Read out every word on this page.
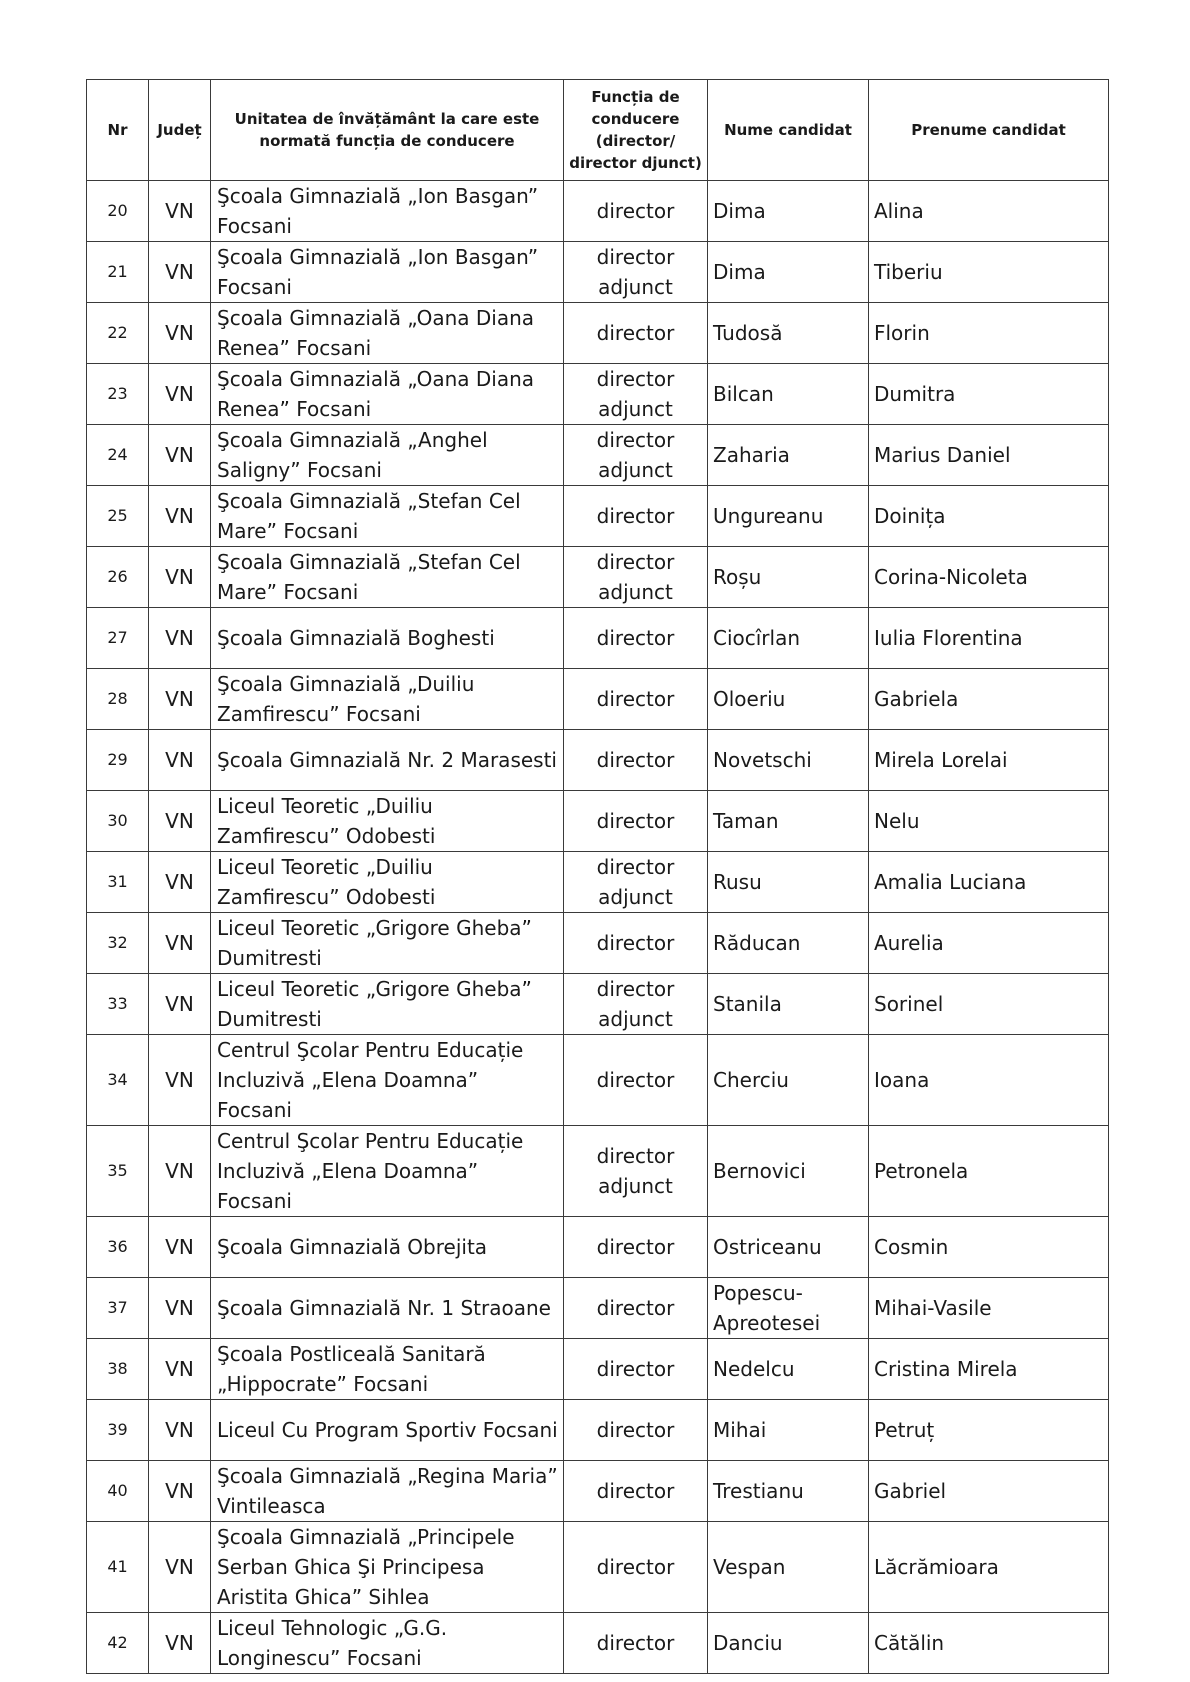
Nr	Județ	Unitatea de învățământ la care este normată funcția de conducere	Funcția de conducere (director/ director djunct)	Nume candidat	Prenume candidat
20	VN	Şcoala Gimnazială „Ion Basgan” Focsani	director	Dima	Alina
21	VN	Şcoala Gimnazială „Ion Basgan” Focsani	director adjunct	Dima	Tiberiu
22	VN	Şcoala Gimnazială „Oana Diana Renea” Focsani	director	Tudosă	Florin
23	VN	Şcoala Gimnazială „Oana Diana Renea” Focsani	director adjunct	Bilcan	Dumitra
24	VN	Şcoala Gimnazială „Anghel Saligny” Focsani	director adjunct	Zaharia	Marius Daniel
25	VN	Şcoala Gimnazială „Stefan Cel Mare” Focsani	director	Ungureanu	Doinița
26	VN	Şcoala Gimnazială „Stefan Cel Mare” Focsani	director adjunct	Roșu	Corina-Nicoleta
27	VN	Şcoala Gimnazială Boghesti	director	Ciocîrlan	Iulia Florentina
28	VN	Şcoala Gimnazială „Duiliu Zamfirescu” Focsani	director	Oloeriu	Gabriela
29	VN	Şcoala Gimnazială Nr. 2 Marasesti	director	Novetschi	Mirela Lorelai
30	VN	Liceul Teoretic „Duiliu Zamfirescu” Odobesti	director	Taman	Nelu
31	VN	Liceul Teoretic „Duiliu Zamfirescu” Odobesti	director adjunct	Rusu	Amalia Luciana
32	VN	Liceul Teoretic „Grigore Gheba” Dumitresti	director	Răducan	Aurelia
33	VN	Liceul Teoretic „Grigore Gheba” Dumitresti	director adjunct	Stanila	Sorinel
34	VN	Centrul Şcolar Pentru Educație Incluzivă „Elena Doamna” Focsani	director	Cherciu	Ioana
35	VN	Centrul Şcolar Pentru Educație Incluzivă „Elena Doamna” Focsani	director adjunct	Bernovici	Petronela
36	VN	Şcoala Gimnazială Obrejita	director	Ostriceanu	Cosmin
37	VN	Şcoala Gimnazială Nr. 1 Straoane	director	Popescu-Apreotesei	Mihai-Vasile
38	VN	Şcoala Postliceală Sanitară „Hippocrate” Focsani	director	Nedelcu	Cristina Mirela
39	VN	Liceul Cu Program Sportiv Focsani	director	Mihai	Petruț
40	VN	Şcoala Gimnazială „Regina Maria” Vintileasca	director	Trestianu	Gabriel
41	VN	Şcoala Gimnazială „Principele Serban Ghica Şi Principesa Aristita Ghica” Sihlea	director	Vespan	Lăcrămioara
42	VN	Liceul Tehnologic „G.G. Longinescu” Focsani	director	Danciu	Cătălin
